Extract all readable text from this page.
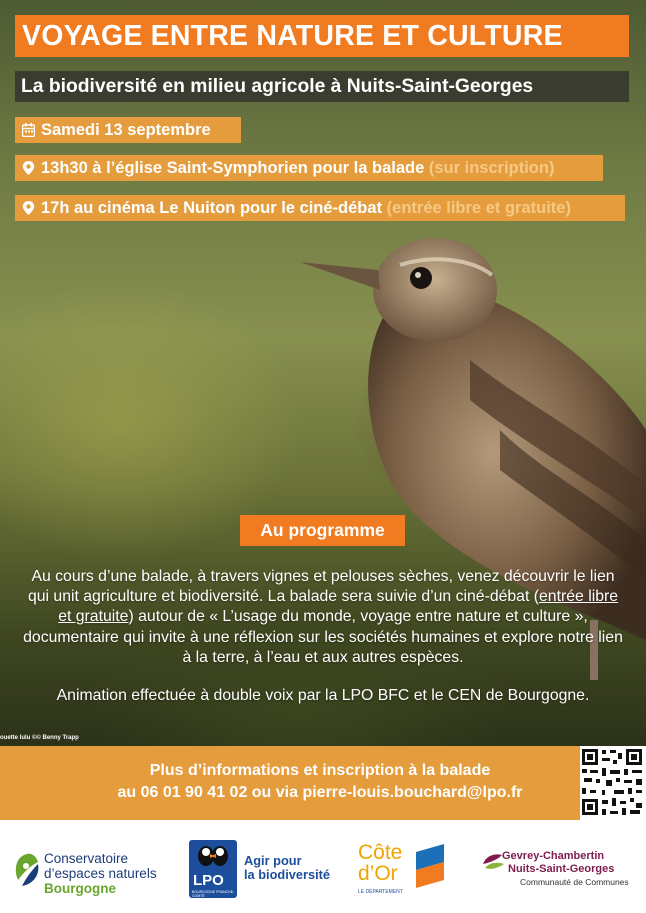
VOYAGE ENTRE NATURE ET CULTURE
La biodiversité en milieu agricole à Nuits-Saint-Georges
Samedi 13 septembre
13h30 à l’église Saint-Symphorien pour la balade (sur inscription)
17h au cinéma Le Nuiton pour le ciné-débat (entrée libre et gratuite)
Au programme

Au cours d’une balade, à travers vignes et pelouses sèches, venez découvrir le lien qui unit agriculture et biodiversité. La balade sera suivie d’un ciné-débat (entrée libre et gratuite) autour de « L’usage du monde, voyage entre nature et culture », documentaire qui invite à une réflexion sur les sociétés humaines et explore notre lien à la terre, à l’eau et aux autres espèces.

Animation effectuée à double voix par la LPO BFC et le CEN de Bourgogne.

ouette lulu ©© Benny Trapp
Plus d’informations et inscription à la balade
au 06 01 90 41 02 ou via pierre-louis.bouchard@lpo.fr
Conservatoire
d’espaces naturels
Bourgogne	LPO
BOURGOGNE FRANCHE-COMTÉ
Agir pour
la biodiversité
Côte
d’Or
LE DÉPARTEMENT
Gevrey-Chambertin
Nuits-Saint-Georges
Communauté de Communes
